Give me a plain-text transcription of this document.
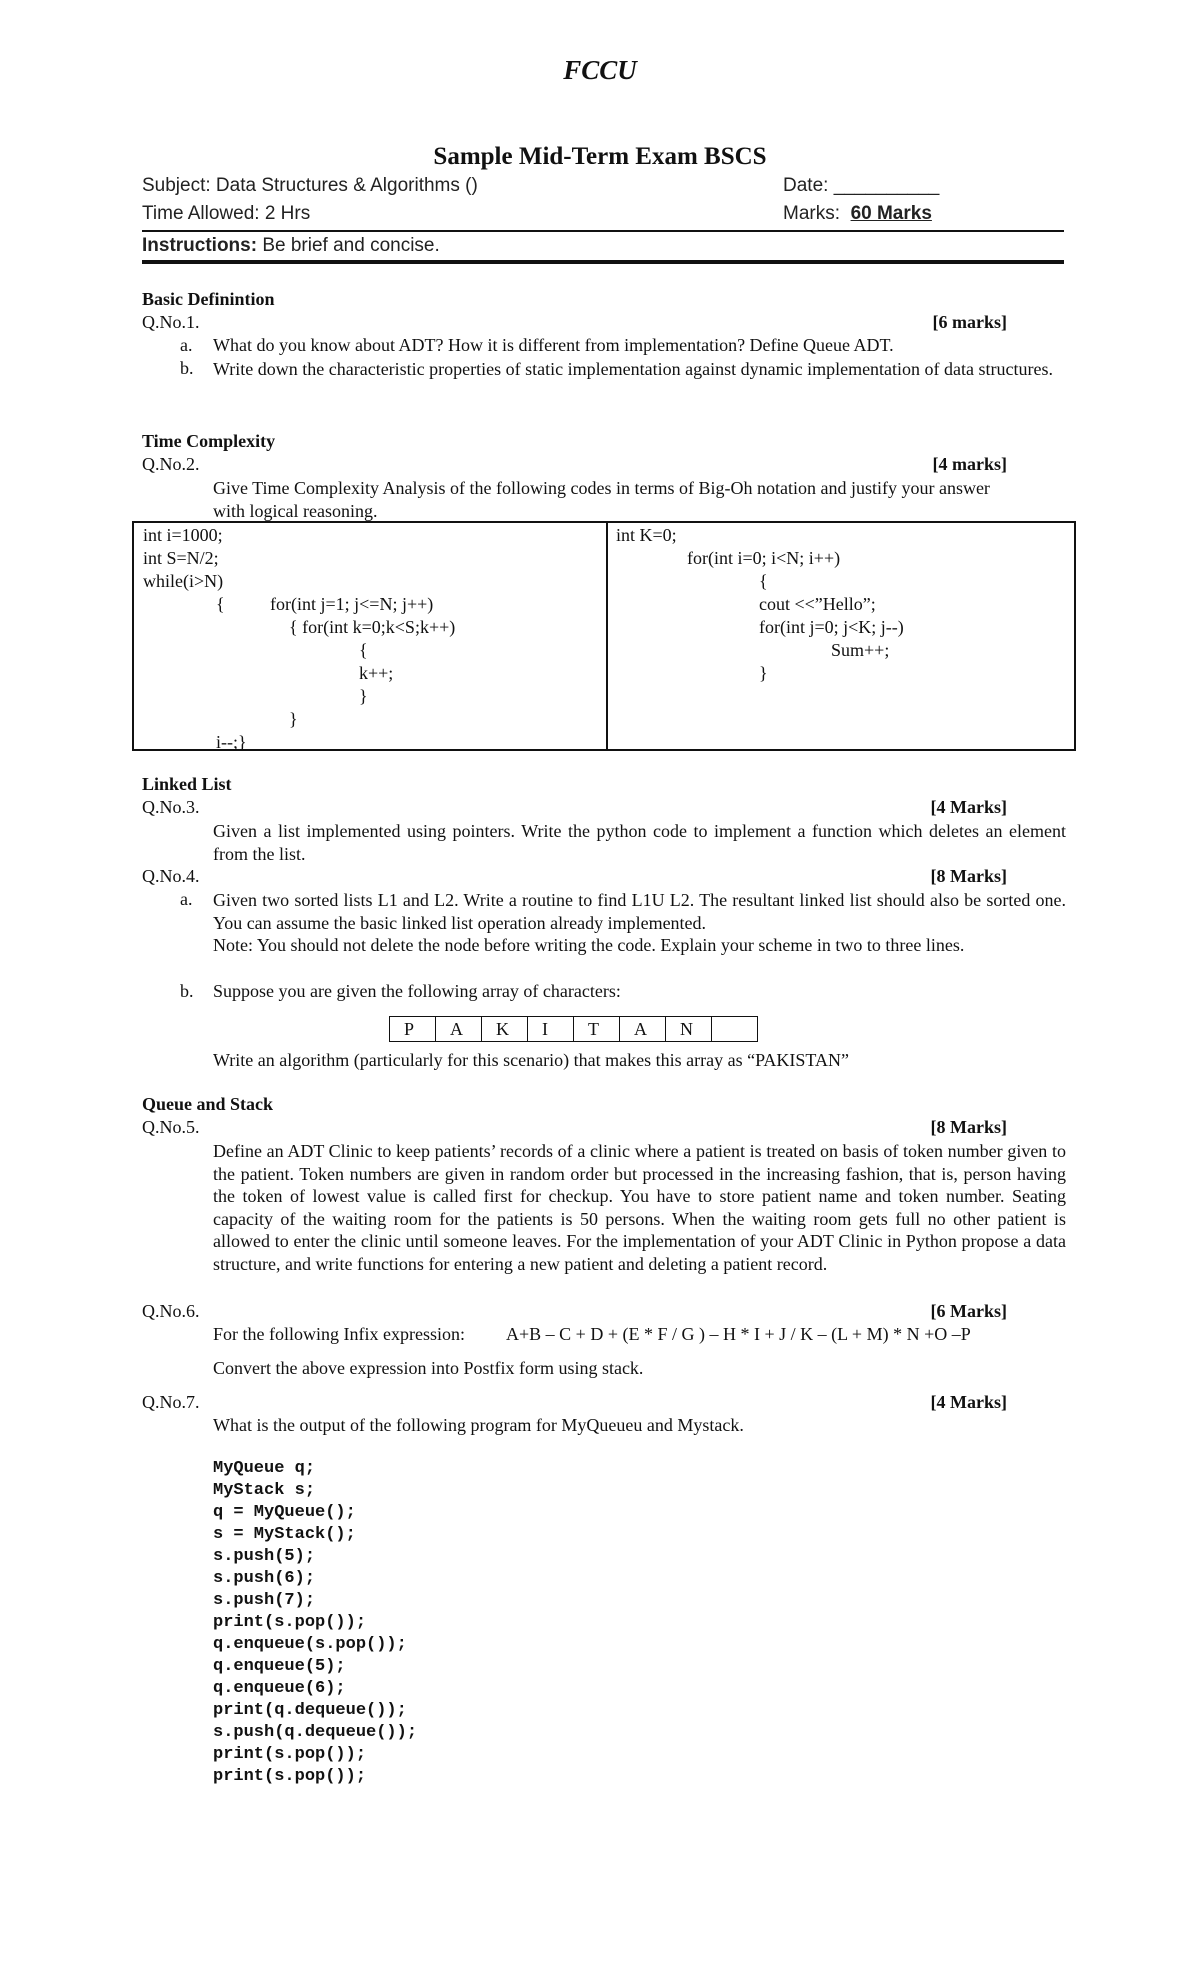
FCCU
Sample Mid-Term Exam BSCS
Subject: Data Structures & Algorithms ()	Date: __________
Time Allowed: 2 Hrs	Marks: 60 Marks
Instructions: Be brief and concise.
Basic Definintion
Q.No.1.	[6 marks]
a. What do you know about ADT? How it is different from implementation? Define Queue ADT.
b. Write down the characteristic properties of static implementation against dynamic implementation of data structures.
Time Complexity
Q.No.2.	[4 marks]
Give Time Complexity Analysis of the following codes in terms of Big-Oh notation and justify your answer with logical reasoning.
int i=1000;
int S=N/2;
while(i>N)
{	for(int j=1; j<=N; j++)
{ for(int k=0;k<S;k++)
{
k++;
}
}
i--;}
int K=0;
for(int i=0; i<N; i++)
{
cout <<”Hello”;
for(int j=0; j<K; j--)
Sum++;
}
Linked List
Q.No.3.	[4 Marks]
Given a list implemented using pointers. Write the python code to implement a function which deletes an element from the list.
Q.No.4.	[8 Marks]
a. Given two sorted lists L1 and L2. Write a routine to find L1U L2. The resultant linked list should also be sorted one. You can assume the basic linked list operation already implemented.
Note: You should not delete the node before writing the code. Explain your scheme in two to three lines.
b. Suppose you are given the following array of characters:
P	A	K	I	T	A	N	
Write an algorithm (particularly for this scenario) that makes this array as “PAKISTAN”
Queue and Stack
Q.No.5.	[8 Marks]
Define an ADT Clinic to keep patients’ records of a clinic where a patient is treated on basis of token number given to the patient. Token numbers are given in random order but processed in the increasing fashion, that is, person having the token of lowest value is called first for checkup. You have to store patient name and token number. Seating capacity of the waiting room for the patients is 50 persons. When the waiting room gets full no other patient is allowed to enter the clinic until someone leaves. For the implementation of your ADT Clinic in Python propose a data structure, and write functions for entering a new patient and deleting a patient record.
Q.No.6.	[6 Marks]
For the following Infix expression: A+B – C + D + (E * F / G ) – H * I + J / K – (L + M) * N +O –P
Convert the above expression into Postfix form using stack.
Q.No.7.	[4 Marks]
What is the output of the following program for MyQueueu and Mystack.
MyQueue q;
MyStack s;
q = MyQueue();
s = MyStack();
s.push(5);
s.push(6);
s.push(7);
print(s.pop());
q.enqueue(s.pop());
q.enqueue(5);
q.enqueue(6);
print(q.dequeue());
s.push(q.dequeue());
print(s.pop());
print(s.pop());
